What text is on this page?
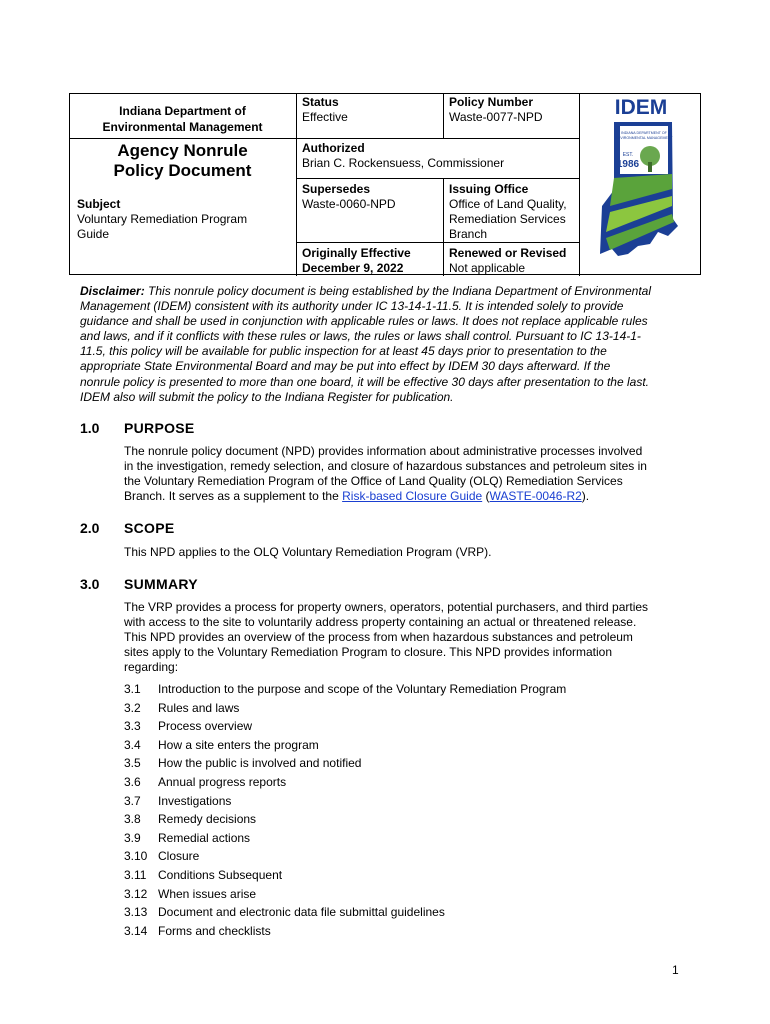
Indiana Department of
Environmental Management
Agency Nonrule
Policy Document
Subject
Voluntary Remediation Program
Guide
Status
Effective
Policy Number
Waste-0077-NPD
Authorized
Brian C. Rockensuess, Commissioner
Supersedes
Waste-0060-NPD
Issuing Office
Office of Land Quality,
Remediation Services
Branch
Originally Effective
December 9, 2022
Renewed or Revised
Not applicable
IDEM
INDIANA DEPARTMENT OF
ENVIRONMENTAL MANAGEMENT
EST.
1986
Disclaimer: This nonrule policy document is being established by the Indiana Department of Environmental
Management (IDEM) consistent with its authority under IC 13-14-1-11.5. It is intended solely to provide
guidance and shall be used in conjunction with applicable rules or laws. It does not replace applicable rules
and laws, and if it conflicts with these rules or laws, the rules or laws shall control. Pursuant to IC 13-14-1-
11.5, this policy will be available for public inspection for at least 45 days prior to presentation to the
appropriate State Environmental Board and may be put into effect by IDEM 30 days afterward. If the
nonrule policy is presented to more than one board, it will be effective 30 days after presentation to the last.
IDEM also will submit the policy to the Indiana Register for publication.
1.0 PURPOSE
The nonrule policy document (NPD) provides information about administrative processes involved
in the investigation, remedy selection, and closure of hazardous substances and petroleum sites in
the Voluntary Remediation Program of the Office of Land Quality (OLQ) Remediation Services
Branch. It serves as a supplement to the Risk-based Closure Guide (WASTE-0046-R2).
2.0 SCOPE
This NPD applies to the OLQ Voluntary Remediation Program (VRP).
3.0 SUMMARY
The VRP provides a process for property owners, operators, potential purchasers, and third parties
with access to the site to voluntarily address property containing an actual or threatened release.
This NPD provides an overview of the process from when hazardous substances and petroleum
sites apply to the Voluntary Remediation Program to closure. This NPD provides information
regarding:
3.1 Introduction to the purpose and scope of the Voluntary Remediation Program
3.2 Rules and laws
3.3 Process overview
3.4 How a site enters the program
3.5 How the public is involved and notified
3.6 Annual progress reports
3.7 Investigations
3.8 Remedy decisions
3.9 Remedial actions
3.10 Closure
3.11 Conditions Subsequent
3.12 When issues arise
3.13 Document and electronic data file submittal guidelines
3.14 Forms and checklists
1
